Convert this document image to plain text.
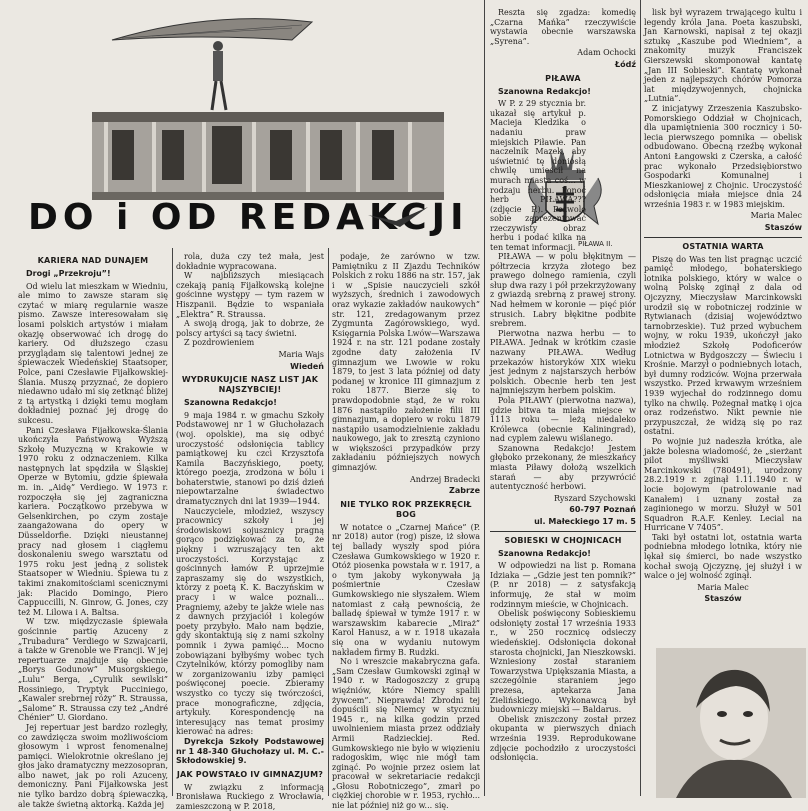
DO i OD REDAKCJI
PIŁAWA II.
KARIERA NAD DUNAJEM
Drogi „Przekroju”!

Od wielu lat mieszkam w Wiedniu, ale mimo to zawsze staram się czytać w miarę regularnie wasze pismo. Zawsze interesowałam się losami polskich artystów i miałam okazję obserwować ich drogę do kariery. Od dłuższego czasu przyglądam się talentowi jednej ze śpiewaczek Wiedeńskiej Staatsoper, Polce, pani Czesławie Fijałkowskiej-Ślania. Muszę przyznać, że dopiero niedawno udało mi się zetknąć bliżej z tą artystką i dzięki temu mogłam dokładniej poznać jej drogę do sukcesu.

Pani Czesława Fijałkowska-Ślania ukończyła Państwową Wyższą Szkołę Muzyczną w Krakowie w 1970 roku z odznaczeniem. Kilka następnych lat spędziła w Śląskiej Operze w Bytomiu, gdzie śpiewała m. in. „Aidę” Verdiego. W 1973 r. rozpoczęła się jej zagraniczna kariera. Początkowo przebywa w Gelsenkirchen, po czym zostaje zaangażowana do opery w Düsseldorfie. Dzięki nieustannej pracy nad głosem i ciągłemu doskonaleniu swego warsztatu od 1975 roku jest jedną z solistek Staatsoper w Wiedniu. Śpiewa tu z takimi znakomitościami scenicznymi jak: Placido Domingo, Piero Cappuccilli, N. Ginrow, G. Jones, czy też M. Lilowa i A. Baltsa.

W tzw. międzyczasie śpiewała gościnnie partię Azuceny z „Trubadura” Verdiego w Szwajcarii, a także w Grenoble we Francji. W jej repertuarze znajduje się obecnie „Borys Godunow” Musorgskiego, „Lulu” Berga, „Cyrulik sewilski” Rossiniego, Tryptyk Pucciniego, „Kawaler srebrnej róży” R. Straussa, „Salome” R. Straussa czy też „André Chénier” U. Giordano.

Jej repertuar jest bardzo rozległy, co zawdzięcza swoim możliwościom głosowym i wprost fenomenalnej pamięci. Wielokrotnie określano jej głos jako dramatyczny mezzosopran, albo nawet, jak po roli Azuceny, demoniczny. Pani Fijałkowska jest nie tylko bardzo dobrą śpiewaczką, ale także świetną aktorką. Każda jej

rola, duża czy też mała, jest dokładnie wypracowana.

W najbliższych miesiącach czekają panią Fijałkowską kolejne gościnne występy — tym razem w Hiszpanii. Będzie to wspaniała „Elektra” R. Straussa.

A swoją drogą, jak to dobrze, że polscy artyści są tacy świetni.

Z pozdrowieniem

Maria Wajs
Wiedeń
WYDRUKUJCIE NASZ LIST JAK NAJSZYBCIEJ!
Szanowna Redakcjo!

9 maja 1984 r. w gmachu Szkoły Podstawowej nr 1 w Głuchołazach (woj. opolskie), ma się odbyć uroczystość odsłonięcia tablicy pamiątkowej ku czci Krzysztofa Kamila Baczyńskiego, poety, którego poezja, zrodzona w bólu i bohaterstwie, stanowi po dziś dzień niepowtarzalne świadectwo dramatycznych dni lat 1939—1944.

Nauczyciele, młodzież, wszyscy pracownicy szkoły i jej środowiskowi sojusznicy pragną gorąco podziękować za to, że piękny i wzruszający ten akt uroczystości. Korzystając z gościnnych łamów P. uprzejmie zapraszamy się do wszystkich, którzy z poetą K. K. Baczyńskim w pracy i w walce poznali... Pragniemy, ażeby te jakże wiele nas z dawnych przyjaciół i kolegów poety przybyło. Mało nam będzie, gdy skontaktują się z nami szkolny pomnik i żywa pamięć... Mocno zobowiązani byłbyśmy wobec tych Czytelników, którzy pomogliby nam w zorganizowaniu izby pamięci poświęconej poecie. Zbieramy wszystko co tyczy się twórczości, prace monograficzne, zdjęcia, artykuły. Korespondencję na interesujący nas temat prosimy kierować na adres:

Dyrekcja Szkoły Podstawowej nr 1 48-340 Głuchołazy ul. M. C.-Skłodowskiej 9.

JAK POWSTAŁO IV GIMNAZJUM?

W związku z informacją Bronisława Ruckiego z Wrocławia, zamieszczoną w P. 2018,

podaje, że zarówno w tzw. Pamiętniku z II Zjazdu Techników Polskich z roku 1886 na str. 157, jak i w „Spisie nauczycieli szkół wyższych, średnich i zawodowych oraz wykazie zakładów naukowych” str. 121, zredagowanym przez Zygmunta Zagórowskiego, wyd. Księgarnia Polska Lwów—Warszawa 1924 r. na str. 121 podane zostały zgodne daty założenia IV gimnazjum we Lwowie w roku 1879, to jest 3 lata później od daty podanej w kronice III gimnazjum z roku 1877. Bierze się to prawdopodobnie stąd, że w roku 1876 nastąpiło założenie filii III gimnazjum, a dopiero w roku 1879 nastąpiło usamodzielnienie zakładu naukowego, jak to zresztą czyniono w większości przypadków przy zakładaniu późniejszych nowych gimnazjów.

Andrzej Bradecki
Zabrze
NIE TYLKO ROK PRZEKRĘCIŁ BOG

W notatce o „Czarnej Mańce” (P. nr 2018) autor (rog) pisze, iż słowa tej ballady wyszły spod pióra Czesława Gumkowskiego w 1920 r. Otóż piosenka powstała w r. 1917, a o tym jakoby wykonywała ją pośmiertnie Czesław Gumkowskiego nie słyszałem. Wiem natomiast z całą pewnością, że balladę śpiewał w tymże 1917 r. w warszawskim kabarecie „Miraż” Karol Hanusz, a w r. 1918 ukazała się ona w wydaniu nutowym nakładem firmy B. Rudzki.

No i wreszcie makabryczna gafa. „Sam Czesław Gumkowski zginął w 1940 r. w Radogoszczy z grupą więźniów, które Niemcy spalili żywcem”. Nieprawda! Zbrodni tej dopuścili się Niemcy w styczniu 1945 r., na kilka godzin przed uwolnieniem miasta przez oddziały Armii Radzieckiej. Red. Gumkowskiego nie było w więzieniu radogoskim, więc nie mógł tam zginąć. Po wojnie przez osiem lat pracował w sekretariacie redakcji „Głosu Robotniczego”, zmarł po ciężkiej chorobie w r. 1953, rychło... nie lat później niż go w... się.

Reszta się zgadza: komedię „Czarna Mańka” rzeczywiście wystawia obecnie warszawska „Syrena”.

Adam Ochocki
Łódź
PIŁAWA
Szanowna Redakcjo!

W P. z 29 stycznia br. ukazał się artykuł p. Macieja Kledzika o nadaniu praw miejskich Piławie. Pan naczelnik Mazek, aby uświetnić tę doniosłą chwilę umieścił na murach miasta coś... w rodzaju herbu. Ponoć herb PIŁAWA??? (zdjęcie P.). Pozwolę sobie zaprezentować rzeczywisty obraz herbu i podać kilka na ten temat informacji.

PIŁAWA — w polu błękitnym — półtrzecia krzyża złotego bez prawego dolnego ramienia, czyli słup dwa razy i pół przekrzyżowany z gwiazdą srebrną z prawej strony. Nad hełmem w koronie — pięć piór strusich. Labry błękitne podbite srebrem.

Pierwotna nazwa herbu — to PIŁAWA. Jednak w krótkim czasie nazwany PIŁAWA. Według przekazów historyków XIX wieku jest jednym z najstarszych herbów polskich. Obecnie herb ten jest najmniejszym herbem polskim.

Pola PIŁAWY (pierwotna nazwa), gdzie bitwa ta miała miejsce w 1113 roku — leżą niedaleko Królewca (obecnie Kaliningrad), nad cyplem zalewu wiślanego.

Szanowna Redakcjo! Jestem głęboko przekonany, że mieszkańcy miasta Piławy dołożą wszelkich starań — aby przywrócić autentyczność herbowi.

Ryszard Szychowski
60-797 Poznań
ul. Małeckiego 17 m. 5
SOBIESKI W CHOJNICACH
Szanowna Redakcjo!

W odpowiedzi na list p. Romana Idziaka — „Gdzie jest ten pomnik?” (P. nr 2018) — z satysfakcją informuję, że stał w moim rodzinnym mieście, w Chojnicach.

Obelisk poświęcony Sobieskiemu odsłonięty został 17 września 1933 r., w 250 rocznicę odsieczy wiedeńskiej. Odsłonięcia dokonał starosta chojnicki, Jan Nieszkowski. Wzniesiony został staraniem Towarzystwa Upiększania Miasta, a szczególnie staraniem jego prezesa, aptekarza Jana Zielińskiego. Wykonawcą był budowniczy miejski — Baldarus.

Obelisk zniszczony został przez okupanta w pierwszych dniach września 1939. Reprodukowane zdjęcie pochodziło z uroczystości odsłonięcia.

lisk był wyrazem trwającego kultu i legendy króla Jana. Poeta kaszubski, Jan Karnowski, napisał z tej okazji sztukę „Kaszube pod Wiedniem”, a znakomity muzyk Franciszek Gierszewski skomponował kantatę „Jan III Sobieski”. Kantatę wykonał jeden z najlepszych chórów Pomorza lat międzywojennych, chojnicka „Lutnia”.

Z inicjatywy Zrzeszenia Kaszubsko-Pomorskiego Oddział w Chojnicach, dla upamiętnienia 300 rocznicy i 50-lecia pierwszego pomnika — obelisk odbudowano. Obecną rzeźbę wykonał Antoni Łangowski z Czerska, a całość prac wykonało Przedsiębiorstwo Gospodarki Komunalnej i Mieszkaniowej z Chojnic. Uroczystość odsłonięcia miała miejsce dnia 24 września 1983 r. w 1983 miejskim.

Maria Malec
Staszów
OSTATNIA WARTA

Piszę do Was ten list pragnąc uczcić pamięć młodego, bohaterskiego lotnika polskiego, który w walce o wolną Polskę zginął z dala od Ojczyzny, Mieczysław Marcinkowski urodził się w robotniczej rodzinie w Rytwianach (dzisiaj województwo tarnobrzeskie). Tuż przed wybuchem wojny, w roku 1939, ukończył jako młodzież Szkołę Podoficerów Lotnictwa w Bydgoszczy — Świeciu i Krośnie. Marzył o podniebnych lotach, był dumny rodziców. Wojna przerwała wszystko. Przed krwawym wrześniem 1939 wyjechał do rodzinnego domu tylko na chwilę. Pożegnał matkę i ojca oraz rodzeństwo. Nikt pewnie nie przypuszczał, że widzą się po raz ostatni.

Po wojnie już nadeszła krótka, ale jakże bolesna wiadomość, że „sierżant pilot myśliwski Mieczysław Marcinkowski (780491), urodzony 28.2.1919 r. zginął 1.11.1940 r. w locie bojowym (patrolowanie nad Kanałem) i uznany został za zaginionego w morzu. Służył w 501 Squadron R.A.F. Kenley. Lecial na Hurricane V 7405”.

Taki był ostatni lot, ostatnia warta podniebna młodego lotnika, który nie lękał się śmierci, bo nade wszystko kochał swoją Ojczyznę, jej służył i w walce o jej wolność zginął.

Maria Malec
Staszów
